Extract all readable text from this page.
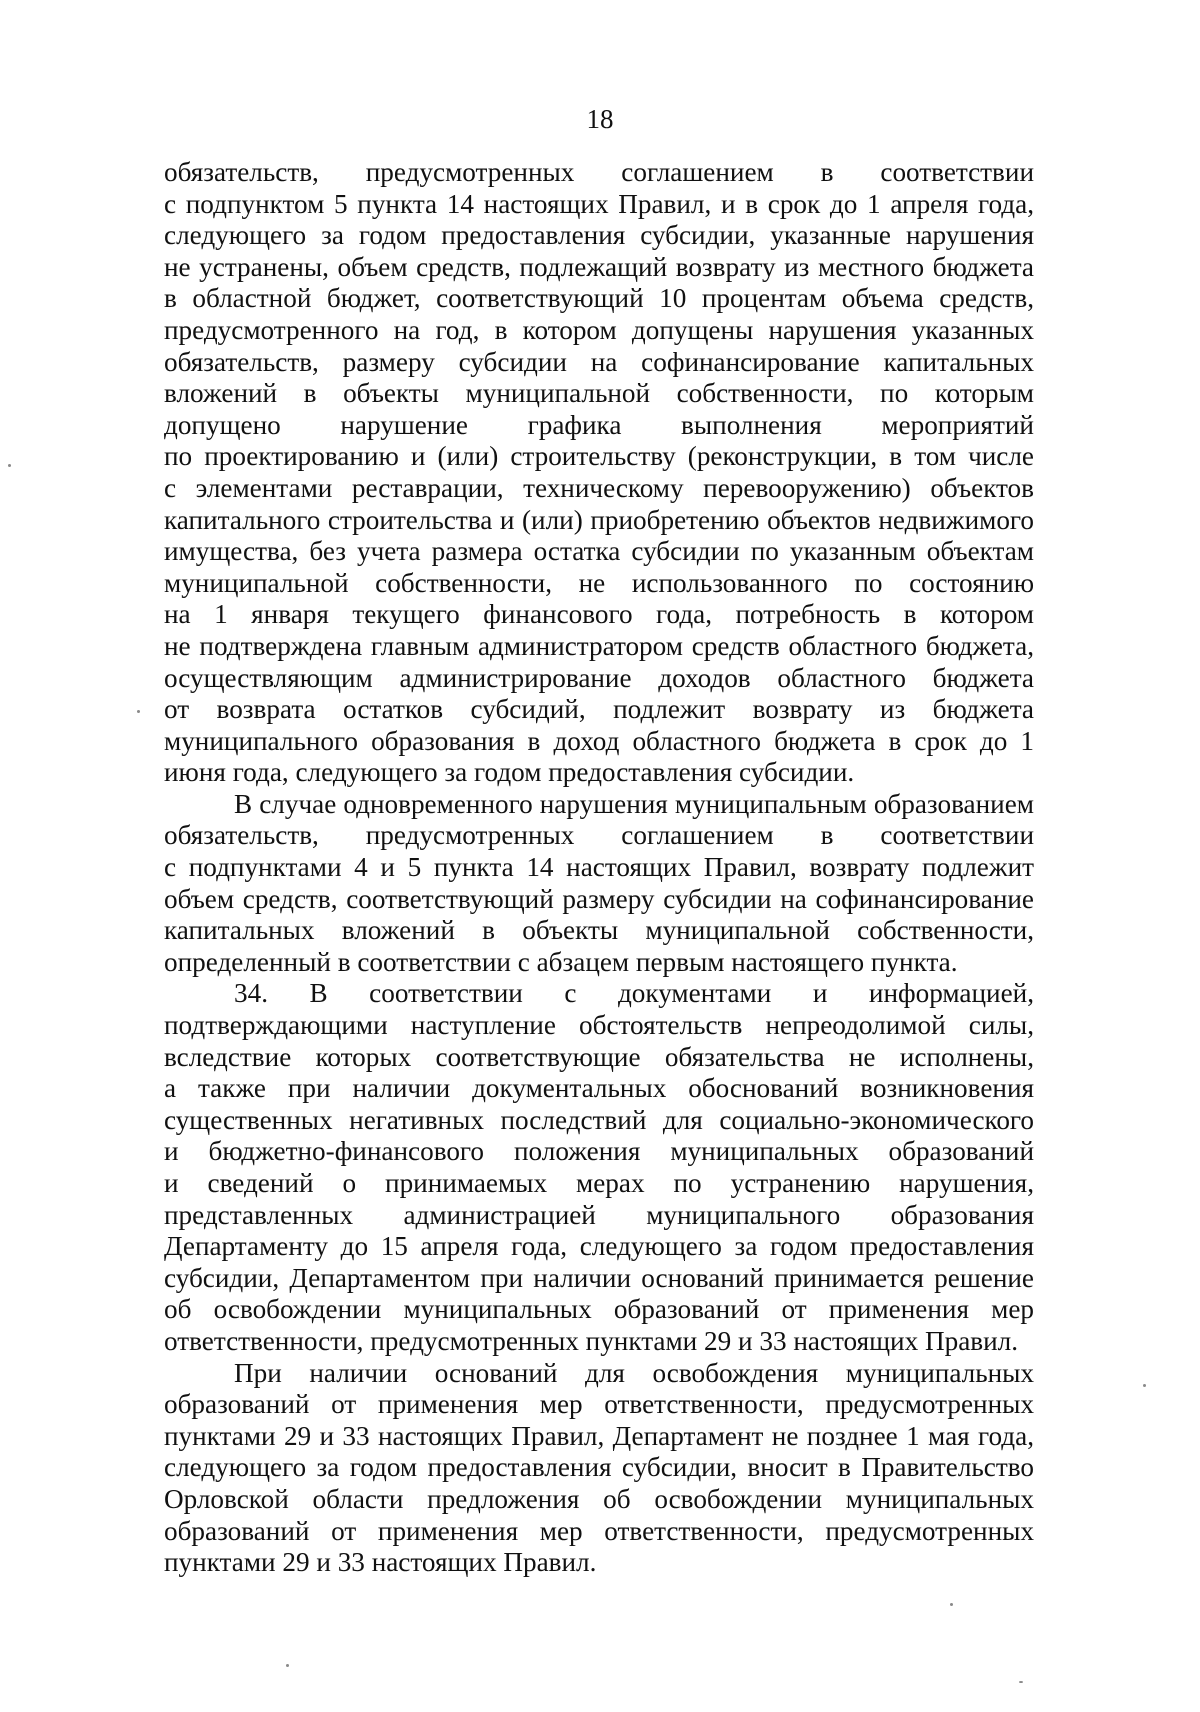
18
обязательств, предусмотренных соглашением в соответствии
с подпунктом 5 пункта 14 настоящих Правил, и в срок до 1 апреля года,
следующего за годом предоставления субсидии, указанные нарушения
не устранены, объем средств, подлежащий возврату из местного бюджета
в областной бюджет, соответствующий 10 процентам объема средств,
предусмотренного на год, в котором допущены нарушения указанных
обязательств, размеру субсидии на софинансирование капитальных
вложений в объекты муниципальной собственности, по которым
допущено нарушение графика выполнения мероприятий
по проектированию и (или) строительству (реконструкции, в том числе
с элементами реставрации, техническому перевооружению) объектов
капитального строительства и (или) приобретению объектов недвижимого
имущества, без учета размера остатка субсидии по указанным объектам
муниципальной собственности, не использованного по состоянию
на 1 января текущего финансового года, потребность в котором
не подтверждена главным администратором средств областного бюджета,
осуществляющим администрирование доходов областного бюджета
от возврата остатков субсидий, подлежит возврату из бюджета
муниципального образования в доход областного бюджета в срок до 1
июня года, следующего за годом предоставления субсидии.
В случае одновременного нарушения муниципальным образованием
обязательств, предусмотренных соглашением в соответствии
с подпунктами 4 и 5 пункта 14 настоящих Правил, возврату подлежит
объем средств, соответствующий размеру субсидии на софинансирование
капитальных вложений в объекты муниципальной собственности,
определенный в соответствии с абзацем первым настоящего пункта.
34. В соответствии с документами и информацией,
подтверждающими наступление обстоятельств непреодолимой силы,
вследствие которых соответствующие обязательства не исполнены,
а также при наличии документальных обоснований возникновения
существенных негативных последствий для социально-экономического
и бюджетно-финансового положения муниципальных образований
и сведений о принимаемых мерах по устранению нарушения,
представленных администрацией муниципального образования
Департаменту до 15 апреля года, следующего за годом предоставления
субсидии, Департаментом при наличии оснований принимается решение
об освобождении муниципальных образований от применения мер
ответственности, предусмотренных пунктами 29 и 33 настоящих Правил.
При наличии оснований для освобождения муниципальных
образований от применения мер ответственности, предусмотренных
пунктами 29 и 33 настоящих Правил, Департамент не позднее 1 мая года,
следующего за годом предоставления субсидии, вносит в Правительство
Орловской области предложения об освобождении муниципальных
образований от применения мер ответственности, предусмотренных
пунктами 29 и 33 настоящих Правил.
